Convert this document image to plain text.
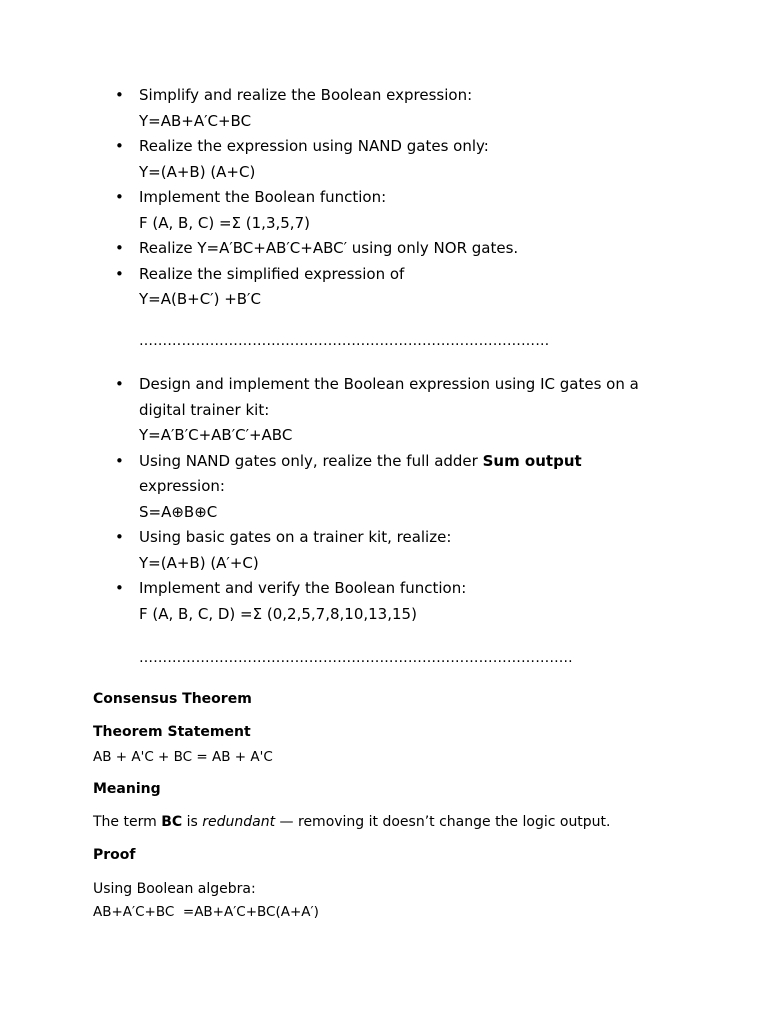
• Simplify and realize the Boolean expression:

Y=AB+A′C+BC

• Realize the expression using NAND gates only:

Y=(A+B) (A+C)

• Implement the Boolean function:

F (A, B, C) =Σ (1,3,5,7)

• Realize Y=A′BC+AB′C+ABC′ using only NOR gates.

• Realize the simplified expression of

Y=A(B+C′) +B′C

……………………………………………………………………………
• Design and implement the Boolean expression using IC gates on a

digital trainer kit:

Y=A′B′C+AB′C′+ABC

• Using NAND gates only, realize the full adder Sum output

expression:

S=A⊕B⊕C

• Using basic gates on a trainer kit, realize:

Y=(A+B) (A′+C)

• Implement and verify the Boolean function:

F (A, B, C, D) =Σ (0,2,5,7,8,10,13,15)

………………………………………………………………………………..

Consensus Theorem

Theorem Statement

AB + A'C + BC = AB + A'C

Meaning

The term BC is redundant — removing it doesn’t change the logic output.

Proof

Using Boolean algebra:

AB+A′C+BC  =AB+A′C+BC(A+A′)
